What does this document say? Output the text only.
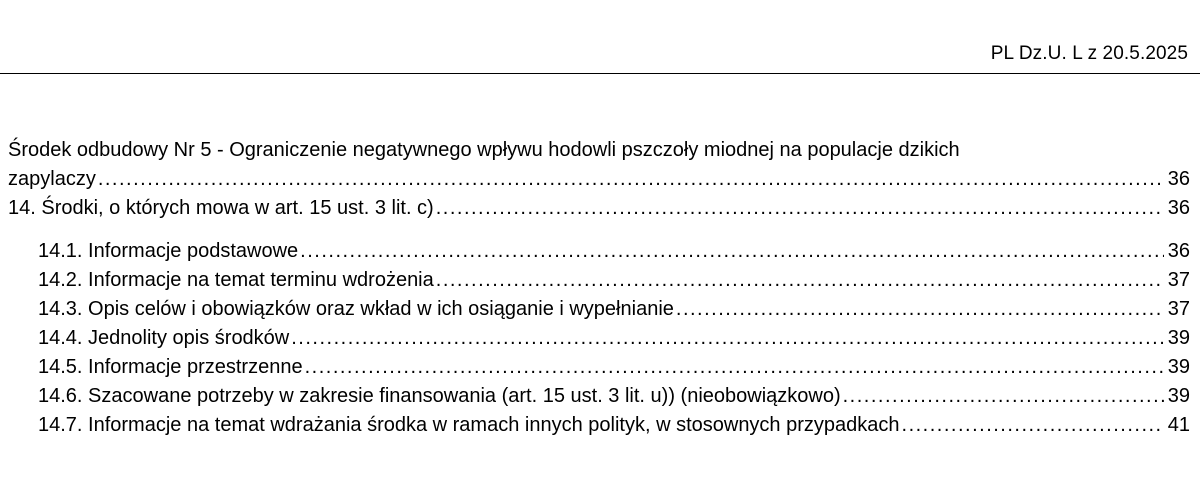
PL Dz.U. L z 20.5.2025
Środek odbudowy Nr 5 - Ograniczenie negatywnego wpływu hodowli pszczoły miodnej na populacje dzikich
zapylaczy .....	36
14. Środki, o których mowa w art. 15 ust. 3 lit. c) .....	36
14.1. Informacje podstawowe .....	36
14.2. Informacje na temat terminu wdrożenia .....	37
14.3. Opis celów i obowiązków oraz wkład w ich osiąganie i wypełnianie .....	37
14.4. Jednolity opis środków .....	39
14.5. Informacje przestrzenne .....	39
14.6. Szacowane potrzeby w zakresie finansowania (art. 15 ust. 3 lit. u)) (nieobowiązkowo) .....	39
14.7. Informacje na temat wdrażania środka w ramach innych polityk, w stosownych przypadkach .....	41
